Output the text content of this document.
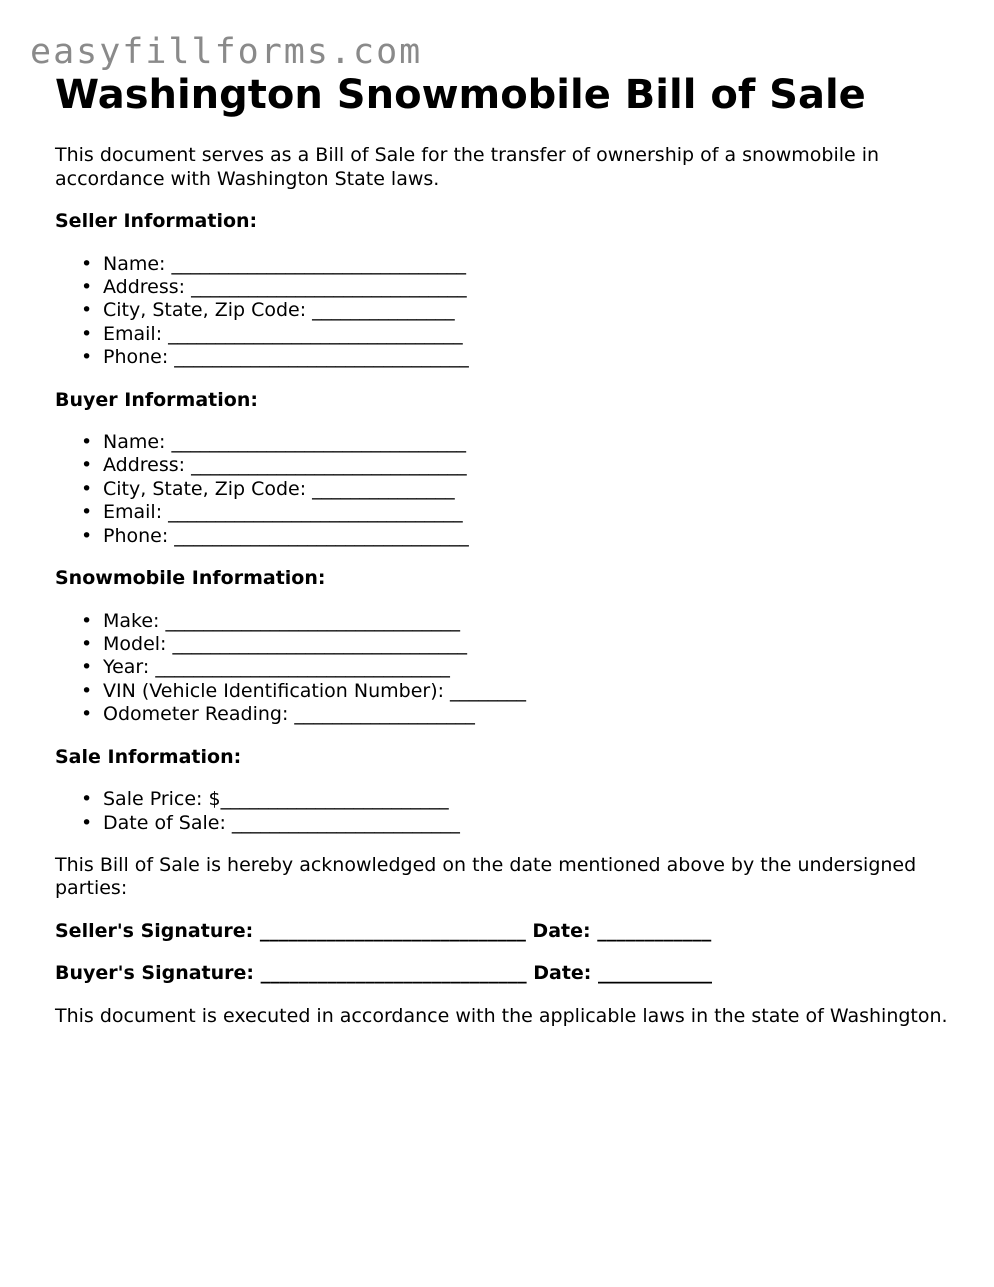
easyfillforms.com
Washington Snowmobile Bill of Sale

This document serves as a Bill of Sale for the transfer of ownership of a snowmobile in accordance with Washington State laws.

Seller Information:
• Name: _______________________________
• Address: _____________________________
• City, State, Zip Code: _______________
• Email: _______________________________
• Phone: _______________________________
Buyer Information:
• Name: _______________________________
• Address: _____________________________
• City, State, Zip Code: _______________
• Email: _______________________________
• Phone: _______________________________
Snowmobile Information:
• Make: _______________________________
• Model: _______________________________
• Year: _______________________________
• VIN (Vehicle Identification Number): ________
• Odometer Reading: ___________________
Sale Information:
• Sale Price: $________________________
• Date of Sale: ________________________

This Bill of Sale is hereby acknowledged on the date mentioned above by the undersigned parties:

Seller's Signature: ____________________________ Date: ____________
Buyer's Signature: ____________________________ Date: ____________

This document is executed in accordance with the applicable laws in the state of Washington.
